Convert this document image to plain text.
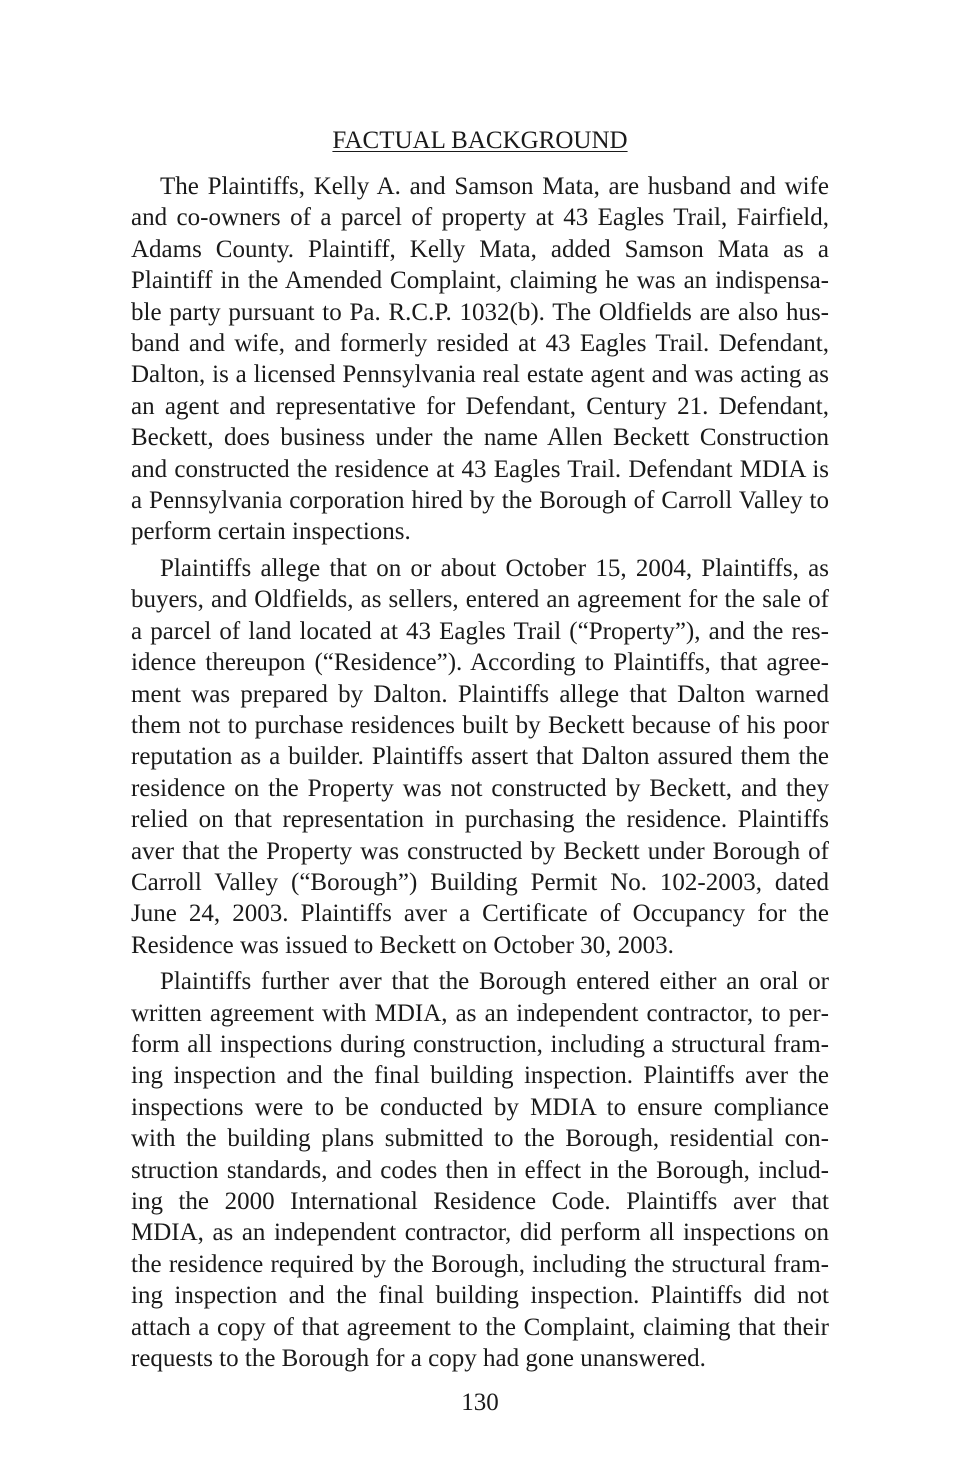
FACTUAL BACKGROUND

The Plaintiffs, Kelly A. and Samson Mata, are husband and wife and co-owners of a parcel of property at 43 Eagles Trail, Fairfield, Adams County. Plaintiff, Kelly Mata, added Samson Mata as a Plaintiff in the Amended Complaint, claiming he was an indispensable party pursuant to Pa. R.C.P. 1032(b). The Oldfields are also husband and wife, and formerly resided at 43 Eagles Trail. Defendant, Dalton, is a licensed Pennsylvania real estate agent and was acting as an agent and representative for Defendant, Century 21. Defendant, Beckett, does business under the name Allen Beckett Construction and constructed the residence at 43 Eagles Trail. Defendant MDIA is a Pennsylvania corporation hired by the Borough of Carroll Valley to perform certain inspections.

Plaintiffs allege that on or about October 15, 2004, Plaintiffs, as buyers, and Oldfields, as sellers, entered an agreement for the sale of a parcel of land located at 43 Eagles Trail (“Property”), and the residence thereupon (“Residence”). According to Plaintiffs, that agreement was prepared by Dalton. Plaintiffs allege that Dalton warned them not to purchase residences built by Beckett because of his poor reputation as a builder. Plaintiffs assert that Dalton assured them the residence on the Property was not constructed by Beckett, and they relied on that representation in purchasing the residence. Plaintiffs aver that the Property was constructed by Beckett under Borough of Carroll Valley (“Borough”) Building Permit No. 102-2003, dated June 24, 2003. Plaintiffs aver a Certificate of Occupancy for the Residence was issued to Beckett on October 30, 2003.

Plaintiffs further aver that the Borough entered either an oral or written agreement with MDIA, as an independent contractor, to perform all inspections during construction, including a structural framing inspection and the final building inspection. Plaintiffs aver the inspections were to be conducted by MDIA to ensure compliance with the building plans submitted to the Borough, residential construction standards, and codes then in effect in the Borough, including the 2000 International Residence Code. Plaintiffs aver that MDIA, as an independent contractor, did perform all inspections on the residence required by the Borough, including the structural framing inspection and the final building inspection. Plaintiffs did not attach a copy of that agreement to the Complaint, claiming that their requests to the Borough for a copy had gone unanswered.

130
